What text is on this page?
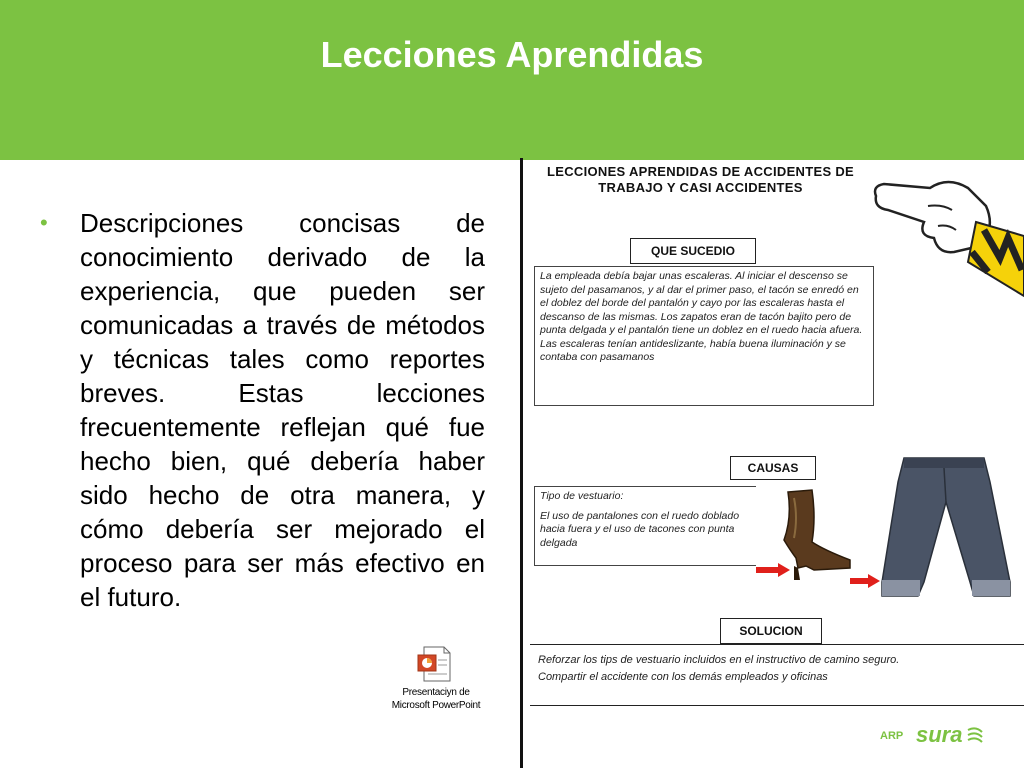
Lecciones Aprendidas
• Descripciones concisas de conocimiento derivado de la experiencia, que pueden ser comunicadas a través de métodos y técnicas tales como reportes breves. Estas lecciones frecuentemente reflejan qué fue hecho bien, qué debería haber sido hecho de otra manera, y cómo debería ser mejorado el proceso para ser más efectivo en el futuro.
Presentaciyn de
Microsoft PowerPoint
LECCIONES APRENDIDAS DE ACCIDENTES DE
TRABAJO Y CASI ACCIDENTES
QUE SUCEDIO
La empleada debía bajar unas escaleras. Al iniciar el descenso se sujeto del pasamanos, y al dar el primer paso, el tacón se enredó en el doblez del borde del pantalón y cayo por las escaleras hasta el descanso de las mismas. Los zapatos eran de tacón bajito pero de punta delgada y el pantalón tiene un doblez en el ruedo hacia afuera. Las escaleras tenían antideslizante, había buena iluminación y se contaba con pasamanos
CAUSAS
Tipo de vestuario:
El uso de pantalones con el ruedo doblado hacia fuera y el uso de tacones con punta delgada
SOLUCION
Reforzar los tips de vestuario incluidos en el instructivo de camino seguro.
Compartir el accidente con los demás empleados y oficinas
ARP sura
